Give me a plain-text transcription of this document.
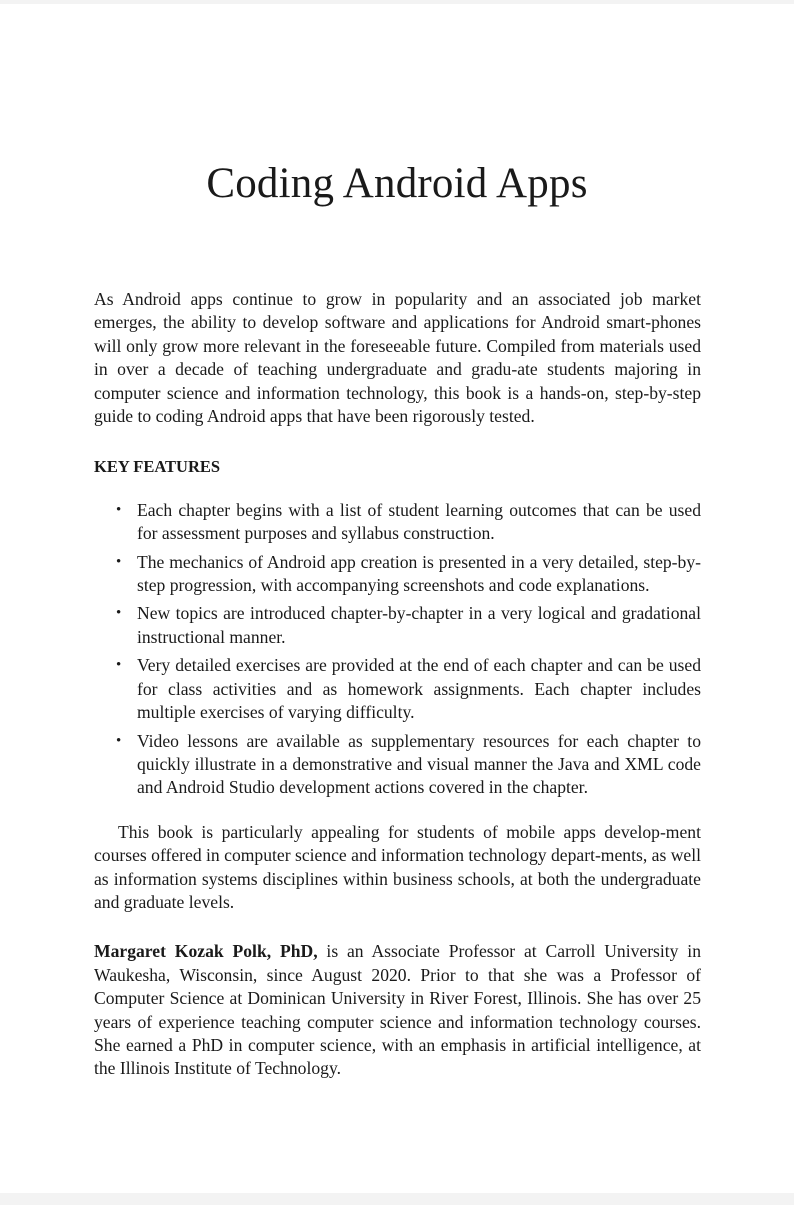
Coding Android Apps

As Android apps continue to grow in popularity and an associated job market emerges, the ability to develop software and applications for Android smart-phones will only grow more relevant in the foreseeable future. Compiled from materials used in over a decade of teaching undergraduate and gradu-ate students majoring in computer science and information technology, this book is a hands-on, step-by-step guide to coding Android apps that have been rigorously tested.

KEY FEATURES

• Each chapter begins with a list of student learning outcomes that can be used for assessment purposes and syllabus construction.
• The mechanics of Android app creation is presented in a very detailed, step-by-step progression, with accompanying screenshots and code explanations.
• New topics are introduced chapter-by-chapter in a very logical and gradational instructional manner.
• Very detailed exercises are provided at the end of each chapter and can be used for class activities and as homework assignments. Each chapter includes multiple exercises of varying difficulty.
• Video lessons are available as supplementary resources for each chapter to quickly illustrate in a demonstrative and visual manner the Java and XML code and Android Studio development actions covered in the chapter.

This book is particularly appealing for students of mobile apps develop-ment courses offered in computer science and information technology depart-ments, as well as information systems disciplines within business schools, at both the undergraduate and graduate levels.

Margaret Kozak Polk, PhD, is an Associate Professor at Carroll University in Waukesha, Wisconsin, since August 2020. Prior to that she was a Professor of Computer Science at Dominican University in River Forest, Illinois. She has over 25 years of experience teaching computer science and information technology courses. She earned a PhD in computer science, with an emphasis in artificial intelligence, at the Illinois Institute of Technology.
